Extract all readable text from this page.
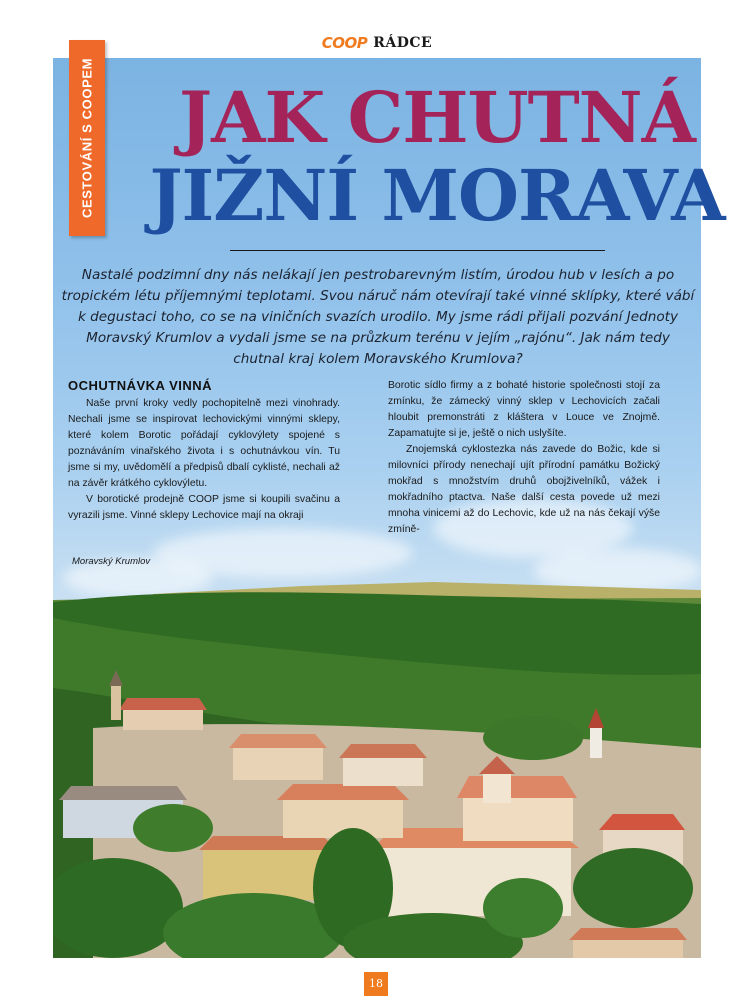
COOP RÁDCE
CESTOVÁNÍ S COOPEM	JAK CHUTNÁ
JIŽNÍ MORAVA
Nastalé podzimní dny nás nelákají jen pestrobarevným listím, úrodou hub v lesích a po tropickém létu příjemnými teplotami. Svou náruč nám otevírají také vinné sklípky, které vábí k degustaci toho, co se na viničních svazích urodilo. My jsme rádi přijali pozvání Jednoty Moravský Krumlov a vydali jsme se na průzkum terénu v jejím „rajónu“. Jak nám tedy chutnal kraj kolem Moravského Krumlova?
OCHUTNÁVKA VINNÁ

Naše první kroky vedly pochopitelně mezi vinohrady. Nechali jsme se inspirovat lechovickými vinnými sklepy, které kolem Borotic pořádají cyklovýlety spojené s poznáváním vinařského života i s ochutnávkou vín. Tu jsme si my, uvědomělí a předpisů dbalí cyklisté, nechali až na závěr krátkého cyklovýletu.

V borotické prodejně COOP jsme si koupili svačinu a vyrazili jsme. Vinné sklepy Lechovice mají na okraji

Borotic sídlo firmy a z bohaté historie společnosti stojí za zmínku, že zámecký vinný sklep v Lechovicích začali hloubit premonstráti z kláštera v Louce ve Znojmě. Zapamatujte si je, ještě o nich uslyšíte.

Znojemská cyklostezka nás zavede do Božic, kde si milovníci přírody nenechají ujít přírodní památku Božický mokřad s množstvím druhů obojživelníků, vážek i mokřadního ptactva. Naše další cesta povede už mezi mnoha vinicemi až do Lechovic, kde už na nás čekají výše zmíně-

Moravský Krumlov
18
